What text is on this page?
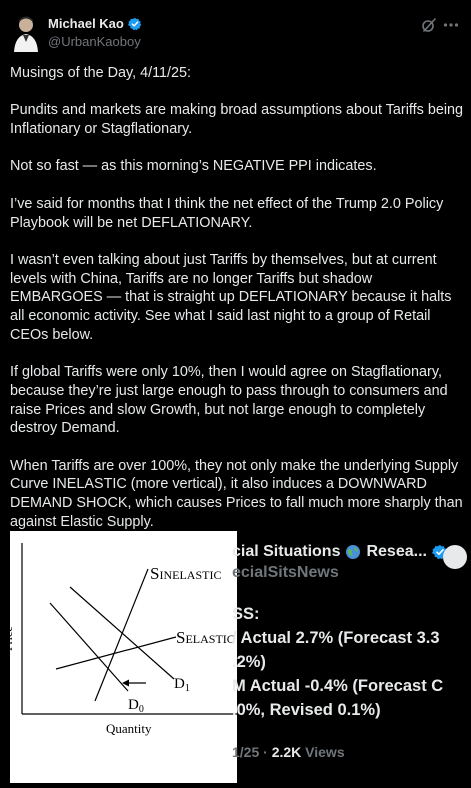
Michael Kao
@UrbanKaoboy

Musings of the Day, 4/11/25:

Pundits and markets are making broad assumptions about Tariffs being Inflationary or Stagflationary.

Not so fast — as this morning’s NEGATIVE PPI indicates.

I’ve said for months that I think the net effect of the Trump 2.0 Policy Playbook will be net DEFLATIONARY.

I wasn’t even talking about just Tariffs by themselves, but at current levels with China, Tariffs are no longer Tariffs but shadow EMBARGOES — that is straight up DEFLATIONARY because it halts all economic activity. See what I said last night to a group of Retail CEOs below.

If global Tariffs were only 10%, then I would agree on Stagflationary, because they’re just large enough to pass through to consumers and raise Prices and slow Growth, but not large enough to completely destroy Demand.

When Tariffs are over 100%, they not only make the underlying Supply Curve INELASTIC (more vertical), it also induces a DOWNWARD DEMAND SHOCK, which causes Prices to fall much more sharply than against Elastic Supply.

Price
SINELASTIC
SELASTIC
D1
D0
Quantity
cial Situations Resea...
ecialSitsNews
SS:
/ Actual 2.7% (Forecast 3.3
.2%)
M Actual -0.4% (Forecast C
.0%, Revised 0.1%)
1/25 · 2.2K Views
